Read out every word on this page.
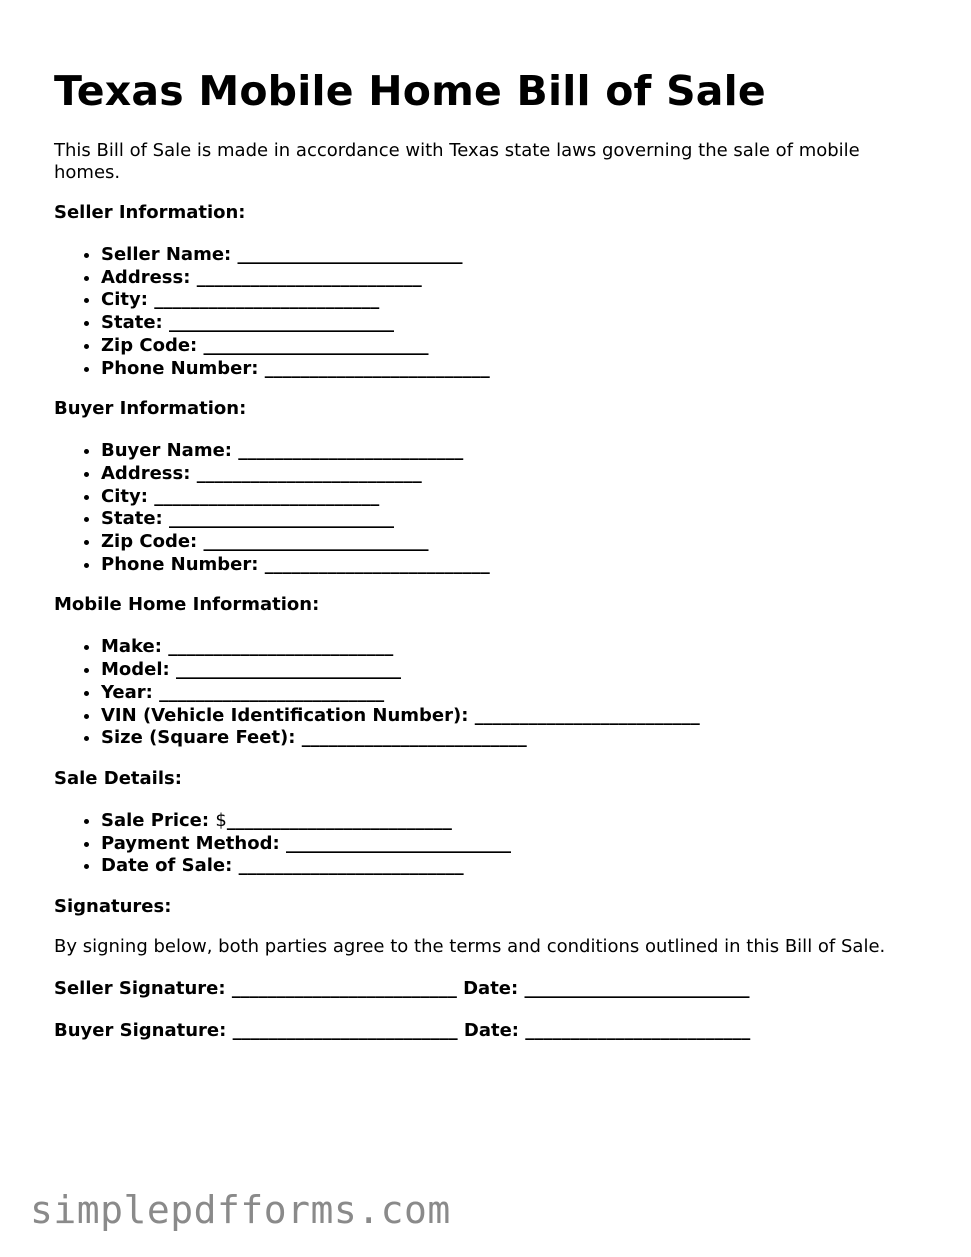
Texas Mobile Home Bill of Sale

This Bill of Sale is made in accordance with Texas state laws governing the sale of mobile homes.

Seller Information:
• Seller Name: _________________________
• Address: _________________________
• City: _________________________
• State: _________________________
• Zip Code: _________________________
• Phone Number: _________________________
Buyer Information:
• Buyer Name: _________________________
• Address: _________________________
• City: _________________________
• State: _________________________
• Zip Code: _________________________
• Phone Number: _________________________
Mobile Home Information:
• Make: _________________________
• Model: _________________________
• Year: _________________________
• VIN (Vehicle Identification Number): _________________________
• Size (Square Feet): _________________________
Sale Details:
• Sale Price: $_________________________
• Payment Method: _________________________
• Date of Sale: _________________________
Signatures:

By signing below, both parties agree to the terms and conditions outlined in this Bill of Sale.

Seller Signature: _________________________ Date: _________________________
Buyer Signature: _________________________ Date: _________________________
simplepdfforms.com
